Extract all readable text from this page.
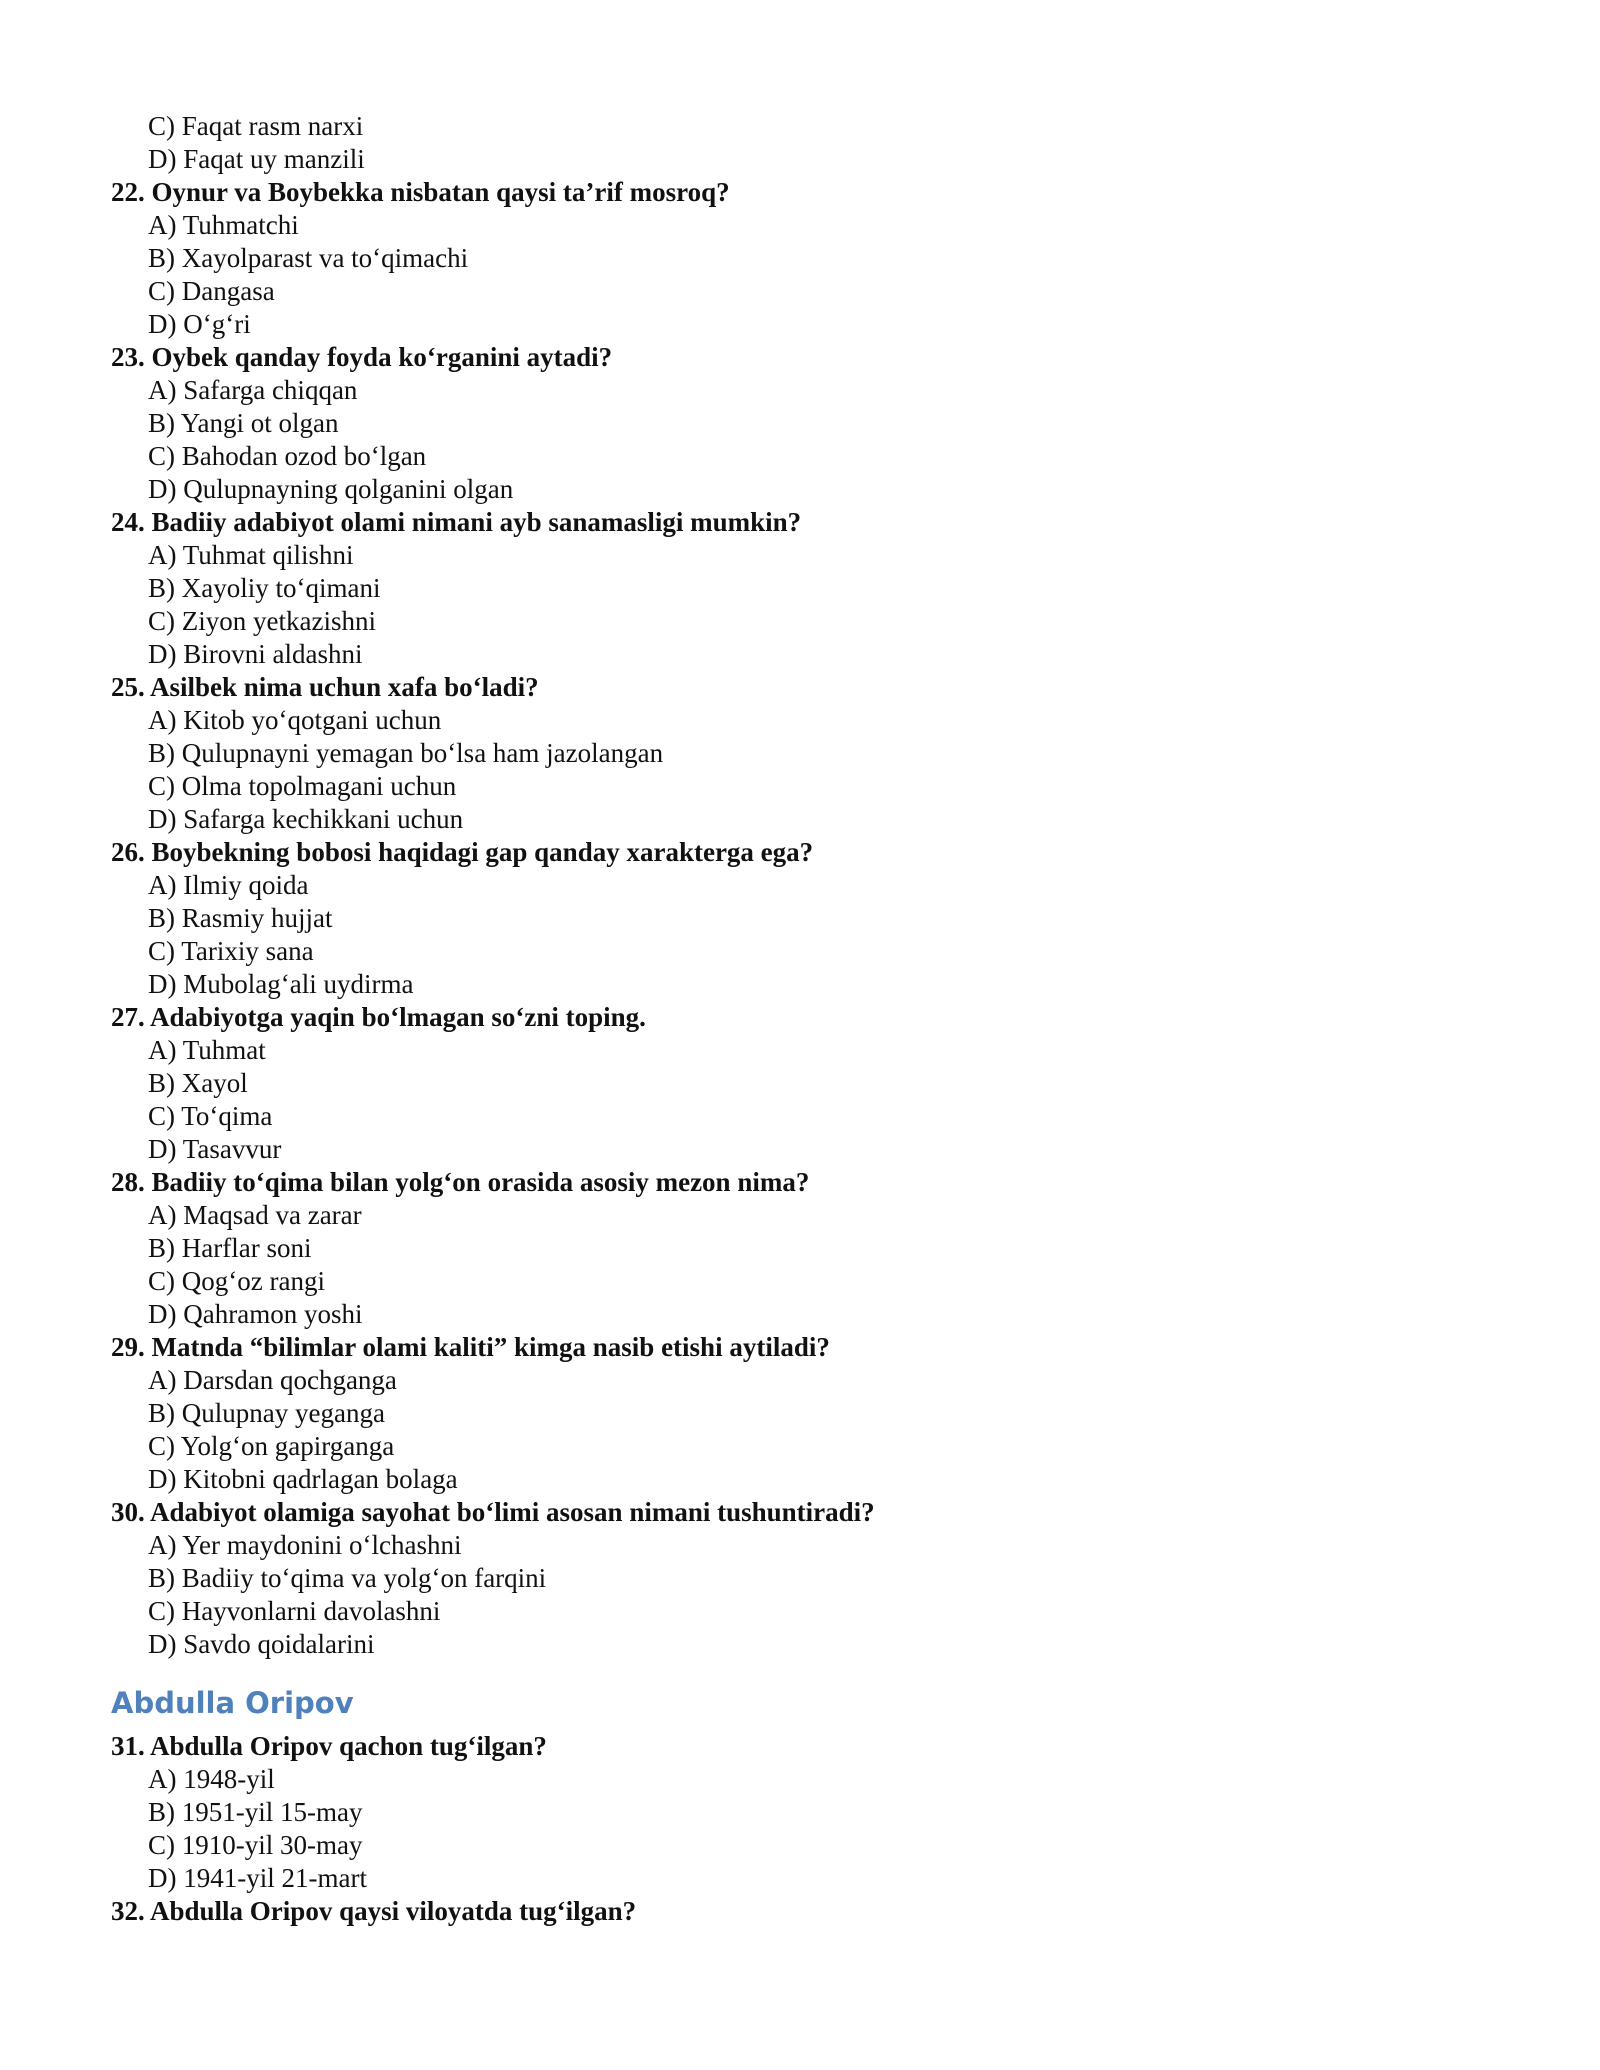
C) Faqat rasm narxi
D) Faqat uy manzili
22. Oynur va Boybekka nisbatan qaysi ta’rif mosroq?
A) Tuhmatchi
B) Xayolparast va to‘qimachi
C) Dangasa
D) O‘g‘ri
23. Oybek qanday foyda ko‘rganini aytadi?
A) Safarga chiqqan
B) Yangi ot olgan
C) Bahodan ozod bo‘lgan
D) Qulupnayning qolganini olgan
24. Badiiy adabiyot olami nimani ayb sanamasligi mumkin?
A) Tuhmat qilishni
B) Xayoliy to‘qimani
C) Ziyon yetkazishni
D) Birovni aldashni
25. Asilbek nima uchun xafa bo‘ladi?
A) Kitob yo‘qotgani uchun
B) Qulupnayni yemagan bo‘lsa ham jazolangan
C) Olma topolmagani uchun
D) Safarga kechikkani uchun
26. Boybekning bobosi haqidagi gap qanday xarakterga ega?
A) Ilmiy qoida
B) Rasmiy hujjat
C) Tarixiy sana
D) Mubolag‘ali uydirma
27. Adabiyotga yaqin bo‘lmagan so‘zni toping.
A) Tuhmat
B) Xayol
C) To‘qima
D) Tasavvur
28. Badiiy to‘qima bilan yolg‘on orasida asosiy mezon nima?
A) Maqsad va zarar
B) Harflar soni
C) Qog‘oz rangi
D) Qahramon yoshi
29. Matnda “bilimlar olami kaliti” kimga nasib etishi aytiladi?
A) Darsdan qochganga
B) Qulupnay yeganga
C) Yolg‘on gapirganga
D) Kitobni qadrlagan bolaga
30. Adabiyot olamiga sayohat bo‘limi asosan nimani tushuntiradi?
A) Yer maydonini o‘lchashni
B) Badiiy to‘qima va yolg‘on farqini
C) Hayvonlarni davolashni
D) Savdo qoidalarini
Abdulla Oripov
31. Abdulla Oripov qachon tug‘ilgan?
A) 1948-yil
B) 1951-yil 15-may
C) 1910-yil 30-may
D) 1941-yil 21-mart
32. Abdulla Oripov qaysi viloyatda tug‘ilgan?
